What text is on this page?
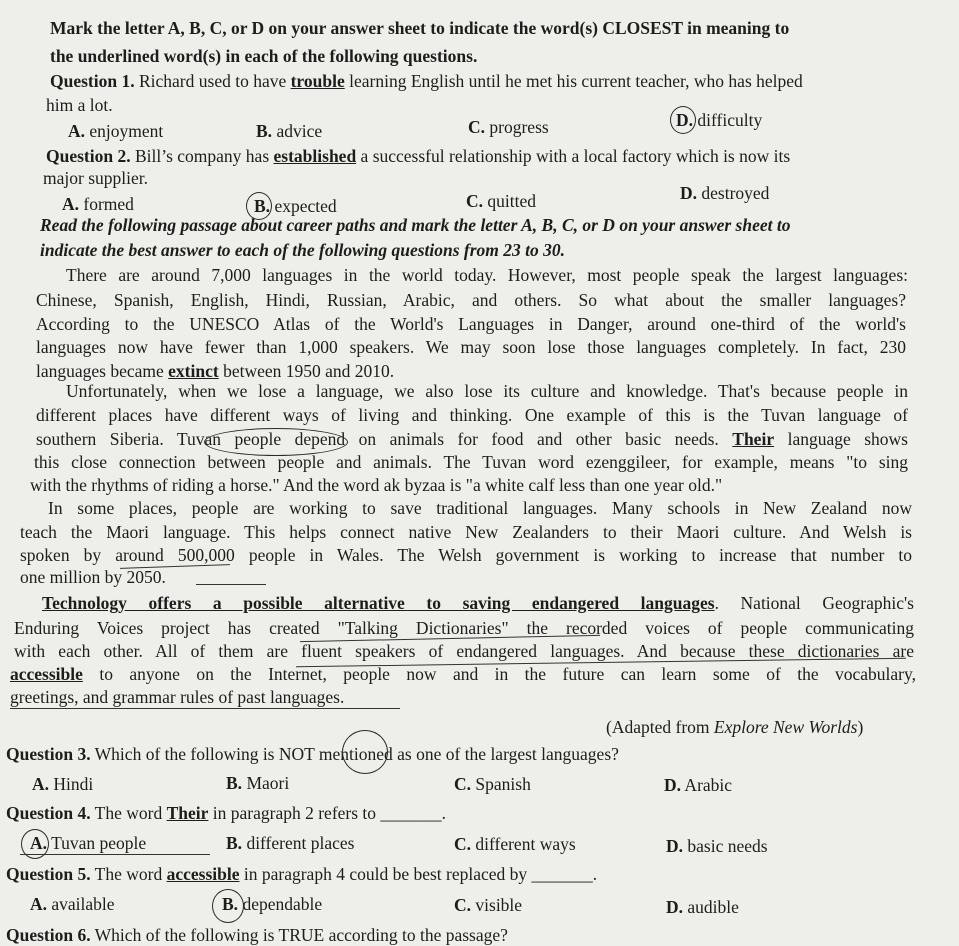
Mark the letter A, B, C, or D on your answer sheet to indicate the word(s) CLOSEST in meaning to
the underlined word(s) in each of the following questions.
Question 1. Richard used to have trouble learning English until he met his current teacher, who has helped
him a lot.
A. enjoyment	B. advice	C. progress	D. difficulty
Question 2. Bill’s company has established a successful relationship with a local factory which is now its
major supplier.
A. formed	B. expected	C. quitted	D. destroyed
Read the following passage about career paths and mark the letter A, B, C, or D on your answer sheet to
indicate the best answer to each of the following questions from 23 to 30.
There are around 7,000 languages in the world today. However, most people speak the largest languages:
Chinese, Spanish, English, Hindi, Russian, Arabic, and others. So what about the smaller languages?
According to the UNESCO Atlas of the World's Languages in Danger, around one-third of the world's
languages now have fewer than 1,000 speakers. We may soon lose those languages completely. In fact, 230
languages became extinct between 1950 and 2010.
Unfortunately, when we lose a language, we also lose its culture and knowledge. That's because people in
different places have different ways of living and thinking. One example of this is the Tuvan language of
southern Siberia. Tuvan people depend on animals for food and other basic needs. Their language shows
this close connection between people and animals. The Tuvan word ezenggileer, for example, means "to sing
with the rhythms of riding a horse." And the word ak byzaa is "a white calf less than one year old."
In some places, people are working to save traditional languages. Many schools in New Zealand now
teach the Maori language. This helps connect native New Zealanders to their Maori culture. And Welsh is
spoken by around 500,000 people in Wales. The Welsh government is working to increase that number to
one million by 2050.
Technology offers a possible alternative to saving endangered languages. National Geographic's
Enduring Voices project has created "Talking Dictionaries" the recorded voices of people communicating
with each other. All of them are fluent speakers of endangered languages. And because these dictionaries are
accessible to anyone on the Internet, people now and in the future can learn some of the vocabulary,
greetings, and grammar rules of past languages.
(Adapted from Explore New Worlds)
Question 3. Which of the following is NOT mentioned as one of the largest languages?
A. Hindi	B. Maori	C. Spanish	D. Arabic
Question 4. The word Their in paragraph 2 refers to _______.
A. Tuvan people	B. different places	C. different ways	D. basic needs
Question 5. The word accessible in paragraph 4 could be best replaced by _______.
A. available	B. dependable	C. visible	D. audible
Question 6. Which of the following is TRUE according to the passage?
